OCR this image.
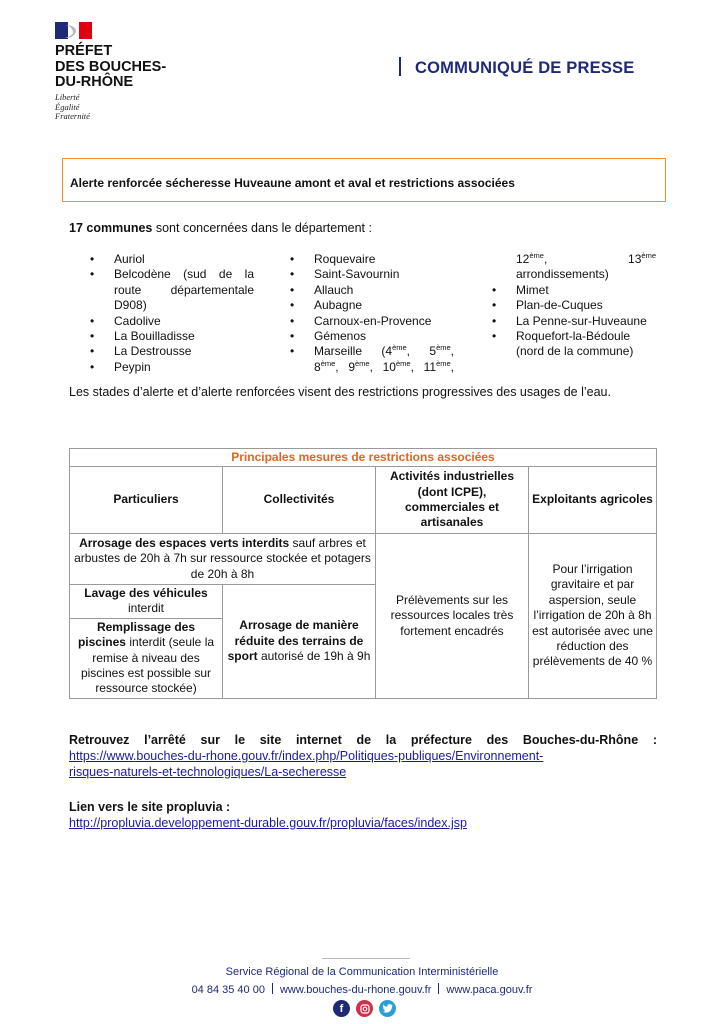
PRÉFET
DES BOUCHES-
DU-RHÔNE
Liberté
Égalité
Fraternité
COMMUNIQUÉ DE PRESSE
Alerte renforcée sécheresse Huveaune amont et aval et restrictions associées
17 communes sont concernées dans le département :
• Auriol
• Belcodène (sud de la route départementale D908)
• Cadolive
• La Bouilladisse
• La Destrousse
• Peypin
• Roquevaire
• Saint-Savournin
• Allauch
• Aubagne
• Carnoux-en-Provence
• Gémenos
• Marseille (4ème, 5ème,
8ème, 9ème, 10ème, 11ème,
12ème,	13ème
arrondissements)
• Mimet
• Plan-de-Cuques
• La Penne-sur-Huveaune
• Roquefort-la-Bédoule (nord de la commune)
Les stades d’alerte et d’alerte renforcées visent des restrictions progressives des usages de l’eau.
Principales mesures de restrictions associées			
Particuliers	Collectivités	Activités industrielles (dont ICPE), commerciales et artisanales	Exploitants agricoles
Arrosage des espaces verts interdits sauf arbres et arbustes de 20h à 7h sur ressource stockée et potagers de 20h à 8h		Prélèvements sur les ressources locales très fortement encadrés	Pour l’irrigation gravitaire et par aspersion, seule l’irrigation de 20h à 8h est autorisée avec une réduction des prélèvements de 40 %
Lavage des véhicules interdit	Arrosage de manière réduite des terrains de sport autorisé de 19h à 9h		
Remplissage des piscines interdit (seule la remise à niveau des piscines est possible sur ressource stockée)			
Retrouvez l’arrêté sur le site internet de la préfecture des Bouches-du-Rhône :
https://www.bouches-du-rhone.gouv.fr/index.php/Politiques-publiques/Environnement-
risques-naturels-et-technologiques/La-secheresse
Lien vers le site propluvia :
http://propluvia.developpement-durable.gouv.fr/propluvia/faces/index.jsp
Service Régional de la Communication Interministérielle
04 84 35 40 00 www.bouches-du-rhone.gouv.fr www.paca.gouv.fr
f
